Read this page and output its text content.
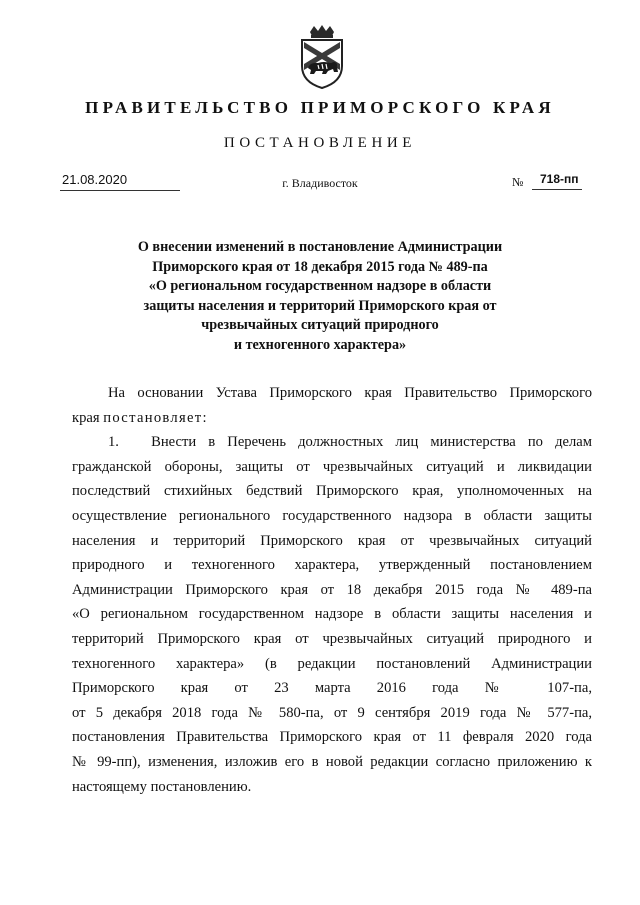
ПРАВИТЕЛЬСТВО ПРИМОРСКОГО КРАЯ
ПОСТАНОВЛЕНИЕ
21.08.2020	г. Владивосток	№ 718-пп
О внесении изменений в постановление Администрации
Приморского края от 18 декабря 2015 года № 489-па
«О региональном государственном надзоре в области
защиты населения и территорий Приморского края от
чрезвычайных ситуаций природного
и техногенного характера»
На основании Устава Приморского края Правительство Приморского
края постановляет:
1. Внести в Перечень должностных лиц министерства по делам
гражданской обороны, защиты от чрезвычайных ситуаций и ликвидации
последствий стихийных бедствий Приморского края, уполномоченных на
осуществление регионального государственного надзора в области защиты
населения и территорий Приморского края от чрезвычайных ситуаций
природного и техногенного характера, утвержденный постановлением
Администрации Приморского края от 18 декабря 2015 года № 489-па
«О региональном государственном надзоре в области защиты населения и
территорий Приморского края от чрезвычайных ситуаций природного и
техногенного характера» (в редакции постановлений Администрации
Приморского края от 23 марта 2016 года № 107-па,
от 5 декабря 2018 года № 580-па, от 9 сентября 2019 года № 577-па,
постановления Правительства Приморского края от 11 февраля 2020 года
№ 99-пп), изменения, изложив его в новой редакции согласно приложению к
настоящему постановлению.
